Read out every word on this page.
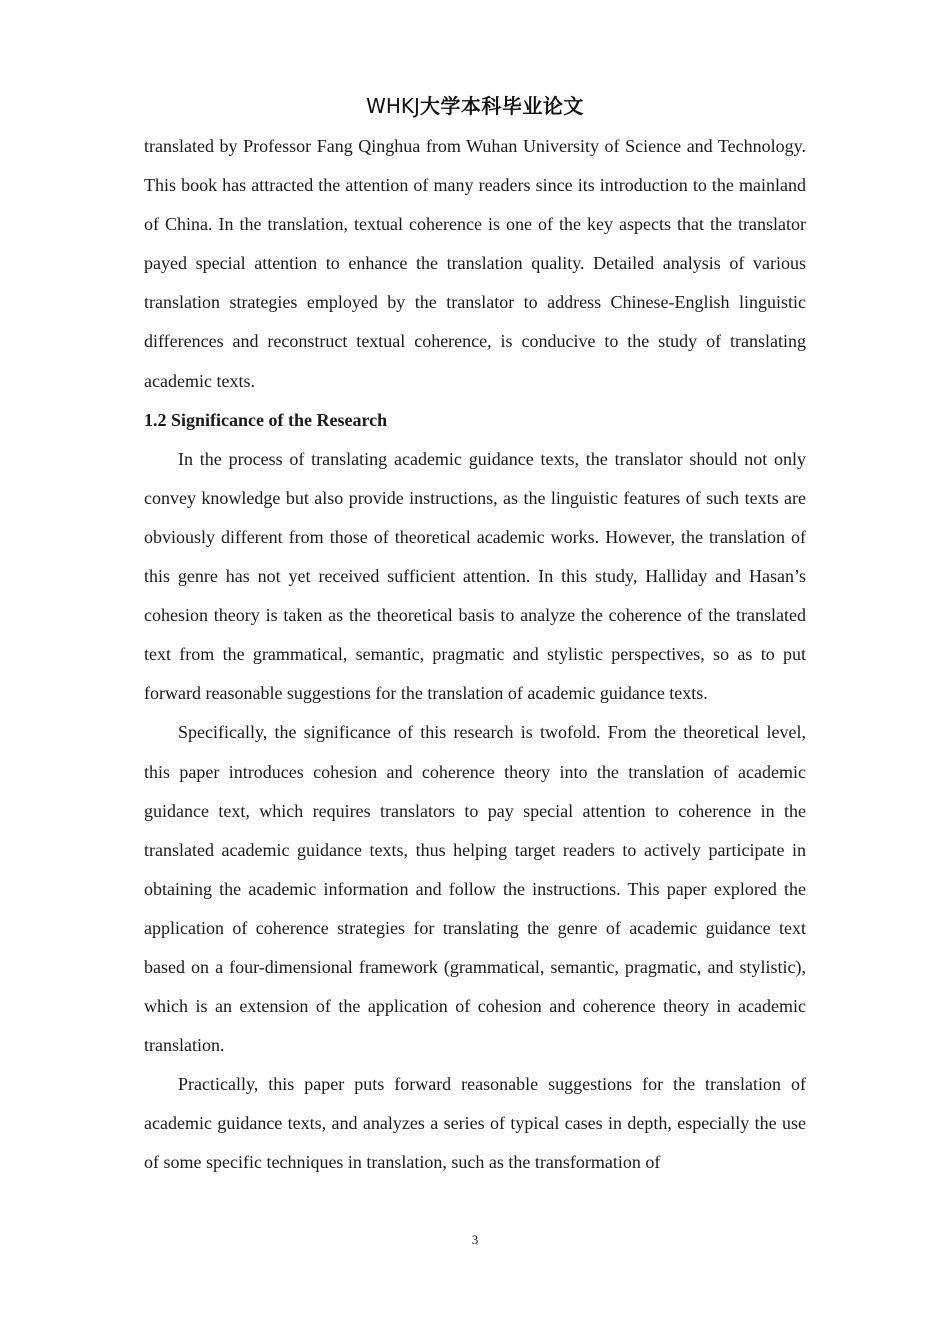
WHKJ大学本科毕业论文

translated by Professor Fang Qinghua from Wuhan University of Science and Technology. This book has attracted the attention of many readers since its introduction to the mainland of China. In the translation, textual coherence is one of the key aspects that the translator payed special attention to enhance the translation quality. Detailed analysis of various translation strategies employed by the translator to address Chinese-English linguistic differences and reconstruct textual coherence, is conducive to the study of translating academic texts.

1.2 Significance of the Research

In the process of translating academic guidance texts, the translator should not only convey knowledge but also provide instructions, as the linguistic features of such texts are obviously different from those of theoretical academic works. However, the translation of this genre has not yet received sufficient attention. In this study, Halliday and Hasan’s cohesion theory is taken as the theoretical basis to analyze the coherence of the translated text from the grammatical, semantic, pragmatic and stylistic perspectives, so as to put forward reasonable suggestions for the translation of academic guidance texts.

Specifically, the significance of this research is twofold. From the theoretical level, this paper introduces cohesion and coherence theory into the translation of academic guidance text, which requires translators to pay special attention to coherence in the translated academic guidance texts, thus helping target readers to actively participate in obtaining the academic information and follow the instructions. This paper explored the application of coherence strategies for translating the genre of academic guidance text based on a four-dimensional framework (grammatical, semantic, pragmatic, and stylistic), which is an extension of the application of cohesion and coherence theory in academic translation.

Practically, this paper puts forward reasonable suggestions for the translation of academic guidance texts, and analyzes a series of typical cases in depth, especially the use of some specific techniques in translation, such as the transformation of

3
